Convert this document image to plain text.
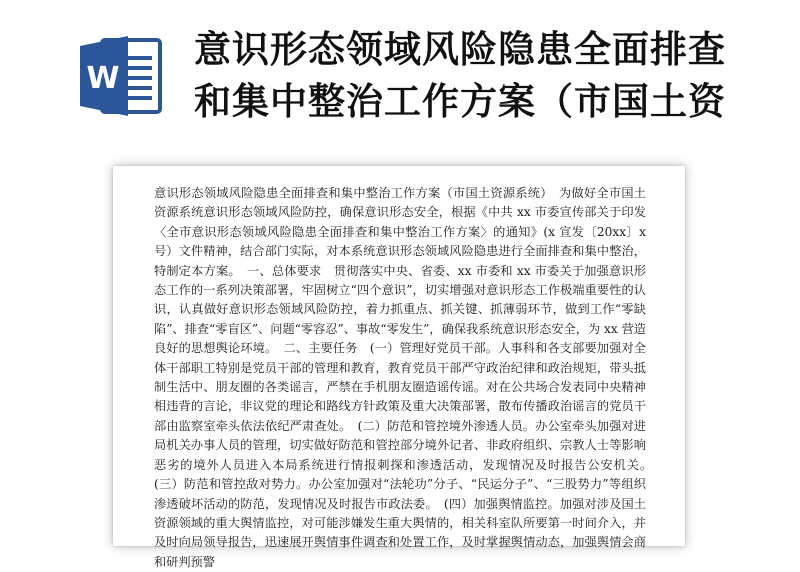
W
意识形态领域风险隐患全面排查
和集中整治工作方案（市国土资

意识形态领域风险隐患全面排查和集中整治工作方案（市国土资源系统）　为做好全市国土资源系统意识形态领域风险防控，确保意识形态安全，根据《中共 xx 市委宣传部关于印发〈全市意识形态领域风险隐患全面排查和集中整治工作方案〉的通知》(x 宣发〔20xx〕x 号）文件精神，结合部门实际，对本系统意识形态领域风险隐患进行全面排查和集中整治，特制定本方案。　一、总体要求　贯彻落实中央、省委、xx 市委和 xx 市委关于加强意识形态工作的一系列决策部署，牢固树立“四个意识”，切实增强对意识形态工作极端重要性的认识，认真做好意识形态领域风险防控，着力抓重点、抓关键、抓薄弱环节，做到工作“零缺陷”、排查“零盲区”、问题“零容忍”、事故“零发生”，确保我系统意识形态安全，为 xx 营造良好的思想舆论环境。　二、主要任务　(一）管理好党员干部。人事科和各支部要加强对全体干部职工特别是党员干部的管理和教育，教育党员干部严守政治纪律和政治规矩，带头抵制生活中、朋友圈的各类谣言，严禁在手机朋友圈造谣传谣。对在公共场合发表同中央精神相违背的言论，非议党的理论和路线方针政策及重大决策部署，散布传播政治谣言的党员干部由监察室牵头依法依纪严肃查处。　(二）防范和管控境外渗透人员。办公室牵头加强对进局机关办事人员的管理，切实做好防范和管控部分境外记者、非政府组织、宗教人士等影响恶劣的境外人员进入本局系统进行情报刺探和渗透活动，发现情况及时报告公安机关。　(三）防范和管控敌对势力。办公室加强对“法轮功”分子、“民运分子”、“三股势力”等组织渗透破坏活动的防范，发现情况及时报告市政法委。　(四）加强舆情监控。加强对涉及国土资源领域的重大舆情监控，对可能涉嫌发生重大舆情的，相关科室队所要第一时间介入，并及时向局领导报告，迅速展开舆情事件调查和处置工作，及时掌握舆情动态，加强舆情会商和研判预警
